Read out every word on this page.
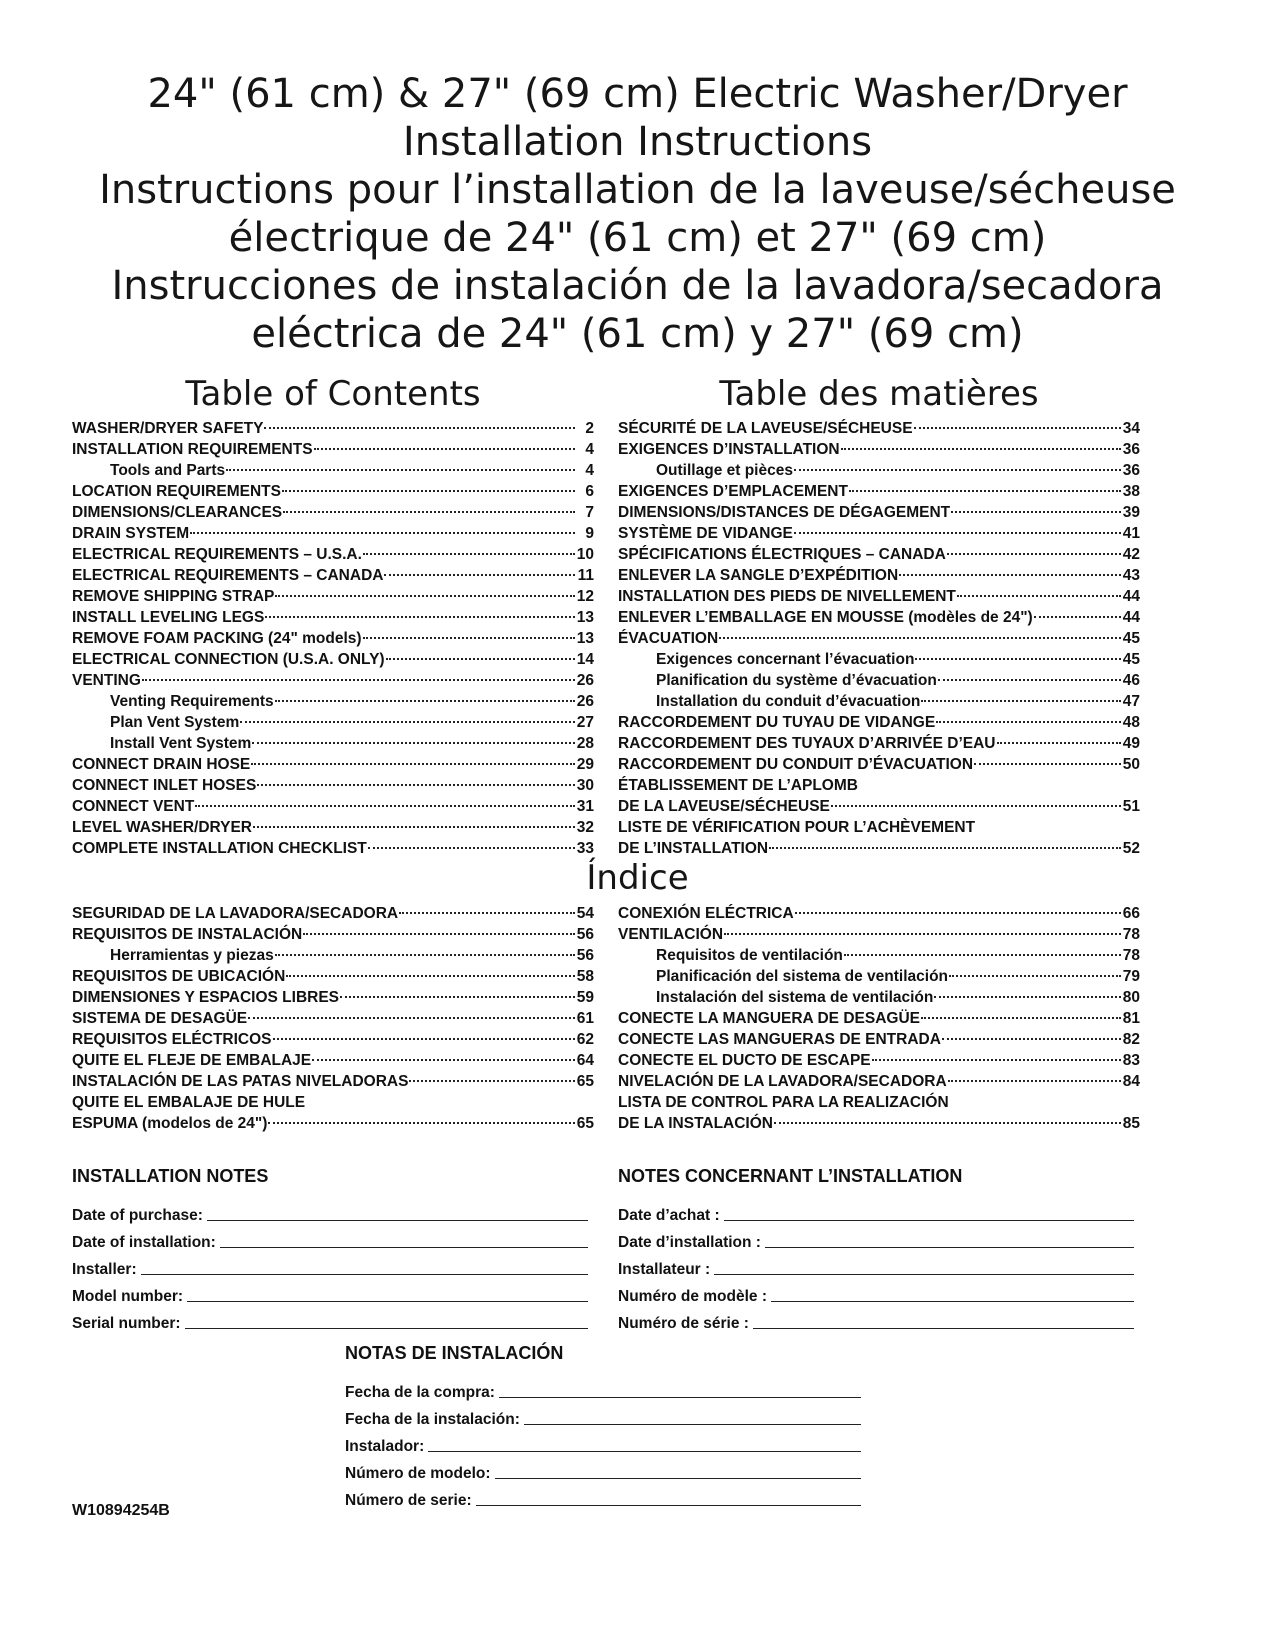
24" (61 cm) & 27" (69 cm) Electric Washer/Dryer
Installation Instructions
Instructions pour l’installation de la laveuse/sécheuse
électrique de 24" (61 cm) et 27" (69 cm)
Instrucciones de instalación de la lavadora/secadora
eléctrica de 24" (61 cm) y 27" (69 cm)
Table of Contents	Table des matières
WASHER/DRYER SAFETY	2
INSTALLATION REQUIREMENTS	4
Tools and Parts	4
LOCATION REQUIREMENTS	6
DIMENSIONS/CLEARANCES	7
DRAIN SYSTEM	9
ELECTRICAL REQUIREMENTS – U.S.A.	10
ELECTRICAL REQUIREMENTS – CANADA	11
REMOVE SHIPPING STRAP	12
INSTALL LEVELING LEGS	13
REMOVE FOAM PACKING (24" models)	13
ELECTRICAL CONNECTION (U.S.A. ONLY)	14
VENTING	26
Venting Requirements	26
Plan Vent System	27
Install Vent System	28
CONNECT DRAIN HOSE	29
CONNECT INLET HOSES	30
CONNECT VENT	31
LEVEL WASHER/DRYER	32
COMPLETE INSTALLATION CHECKLIST	33
SÉCURITÉ DE LA LAVEUSE/SÉCHEUSE	34
EXIGENCES D’INSTALLATION	36
Outillage et pièces	36
EXIGENCES D’EMPLACEMENT	38
DIMENSIONS/DISTANCES DE DÉGAGEMENT	39
SYSTÈME DE VIDANGE	41
SPÉCIFICATIONS ÉLECTRIQUES – CANADA	42
ENLEVER LA SANGLE D’EXPÉDITION	43
INSTALLATION DES PIEDS DE NIVELLEMENT	44
ENLEVER L’EMBALLAGE EN MOUSSE (modèles de 24")	44
ÉVACUATION	45
Exigences concernant l’évacuation	45
Planification du système d’évacuation	46
Installation du conduit d’évacuation	47
RACCORDEMENT DU TUYAU DE VIDANGE	48
RACCORDEMENT DES TUYAUX D’ARRIVÉE D’EAU	49
RACCORDEMENT DU CONDUIT D’ÉVACUATION	50
ÉTABLISSEMENT DE L’APLOMB
DE LA LAVEUSE/SÉCHEUSE	51
LISTE DE VÉRIFICATION POUR L’ACHÈVEMENT
DE L’INSTALLATION	52
Índice
SEGURIDAD DE LA LAVADORA/SECADORA	54
REQUISITOS DE INSTALACIÓN	56
Herramientas y piezas	56
REQUISITOS DE UBICACIÓN	58
DIMENSIONES Y ESPACIOS LIBRES	59
SISTEMA DE DESAGÜE	61
REQUISITOS ELÉCTRICOS	62
QUITE EL FLEJE DE EMBALAJE	64
INSTALACIÓN DE LAS PATAS NIVELADORAS	65
QUITE EL EMBALAJE DE HULE
ESPUMA (modelos de 24")	65
CONEXIÓN ELÉCTRICA	66
VENTILACIÓN	78
Requisitos de ventilación	78
Planificación del sistema de ventilación	79
Instalación del sistema de ventilación	80
CONECTE LA MANGUERA DE DESAGÜE	81
CONECTE LAS MANGUERAS DE ENTRADA	82
CONECTE EL DUCTO DE ESCAPE	83
NIVELACIÓN DE LA LAVADORA/SECADORA	84
LISTA DE CONTROL PARA LA REALIZACIÓN
DE LA INSTALACIÓN	85
INSTALLATION NOTES
Date of purchase:
Date of installation:
Installer:
Model number:
Serial number:
NOTES CONCERNANT L’INSTALLATION
Date d’achat :
Date d’installation :
Installateur :
Numéro de modèle :
Numéro de série :
NOTAS DE INSTALACIÓN
Fecha de la compra:
Fecha de la instalación:
Instalador:
Número de modelo:
Número de serie:
W10894254B
